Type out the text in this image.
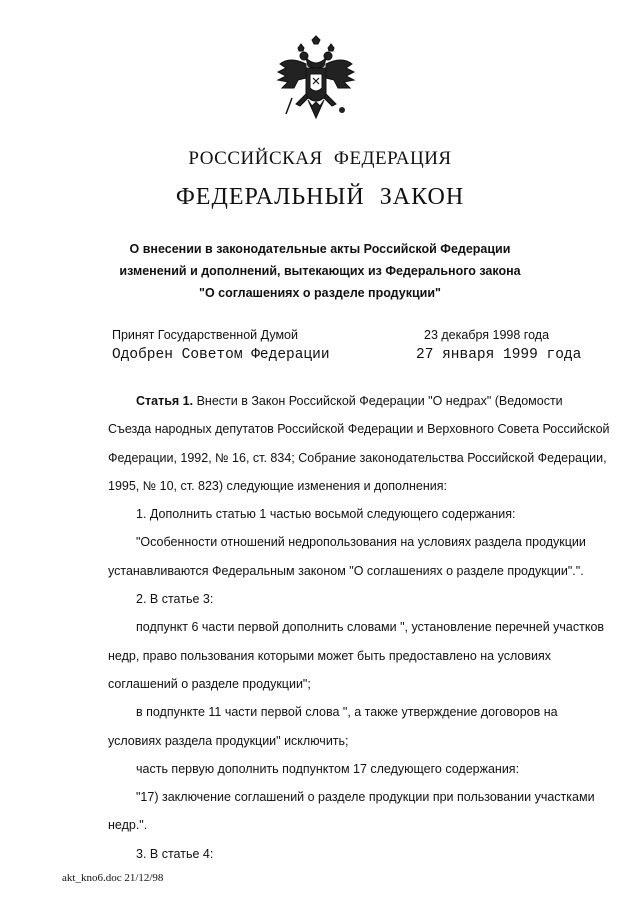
РОССИЙСКАЯ ФЕДЕРАЦИЯ
ФЕДЕРАЛЬНЫЙ ЗАКОН
О внесении в законодательные акты Российской Федерации
изменений и дополнений, вытекающих из Федерального закона
"О соглашениях о разделе продукции"
Принят Государственной Думой	23 декабря 1998 года
Одобрен Советом Федерации	27 января 1999 года
Статья 1. Внести в Закон Российской Федерации "О недрах" (Ведомости
Съезда народных депутатов Российской Федерации и Верховного Совета Российской
Федерации, 1992, № 16, ст. 834; Собрание законодательства Российской Федерации,
1995, № 10, ст. 823) следующие изменения и дополнения:
1. Дополнить статью 1 частью восьмой следующего содержания:
"Особенности отношений недропользования на условиях раздела продукции
устанавливаются Федеральным законом "О соглашениях о разделе продукции".".
2. В статье 3:
подпункт 6 части первой дополнить словами ", установление перечней участков
недр, право пользования которыми может быть предоставлено на условиях
соглашений о разделе продукции";
в подпункте 11 части первой слова ", а также утверждение договоров на
условиях раздела продукции" исключить;
часть первую дополнить подпунктом 17 следующего содержания:
"17) заключение соглашений о разделе продукции при пользовании участками
недр.".
3. В статье 4:
akt_kno6.doc 21/12/98
